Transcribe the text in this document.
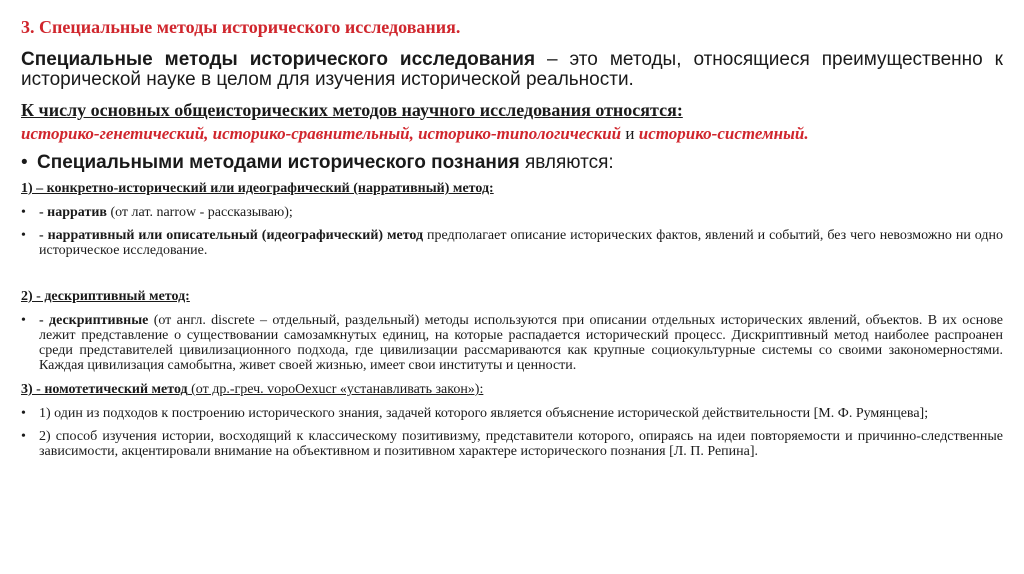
3. Специальные методы исторического исследования.

Специальные методы исторического исследования – это методы, относящиеся преимущественно к исторической науке в целом для изучения исторической реальности.

К числу основных общеисторических методов научного исследования относятся:

историко-генетический, историко-сравнительный, историко-типологический и историко-системный.

• Специальными методами исторического познания являются:

1) – конкретно-исторический или идеографический (нарративный) метод:

• - нарратив (от лат. narrow - рассказываю);
• - нарративный или описательный (идеографический) метод предполагает описание исторических фактов, явлений и событий, без чего невозможно ни одно историческое исследование.

2) - дескриптивный метод:

• - дескриптивные (от англ. discrete – отдельный, раздельный) методы используются при описании отдельных исторических явлений, объектов. В их основе лежит представление о существовании самозамкнутых единиц, на которые распадается исторический процесс. Дискриптивный метод наиболее распроанен среди представителей цивилизационного подхода, где цивилизации рассмариваются как крупные социокультурные системы со своими закономерностями. Каждая цивилизация самобытна, живет своей жизнью, имеет свои институты и ценности.

3) - номотетический метод (от др.-греч. vopoOexucr «устанавливать закон»):

• 1) один из подходов к построению исторического знания, задачей которого является объяснение исторической действительности [М. Ф. Румянцева];
• 2) способ изучения истории, восходящий к классическому позитивизму, представители которого, опираясь на идеи повторяемости и причинно-следственные зависимости, акцентировали внимание на объективном и позитивном характере исторического познания [Л. П. Репина].
